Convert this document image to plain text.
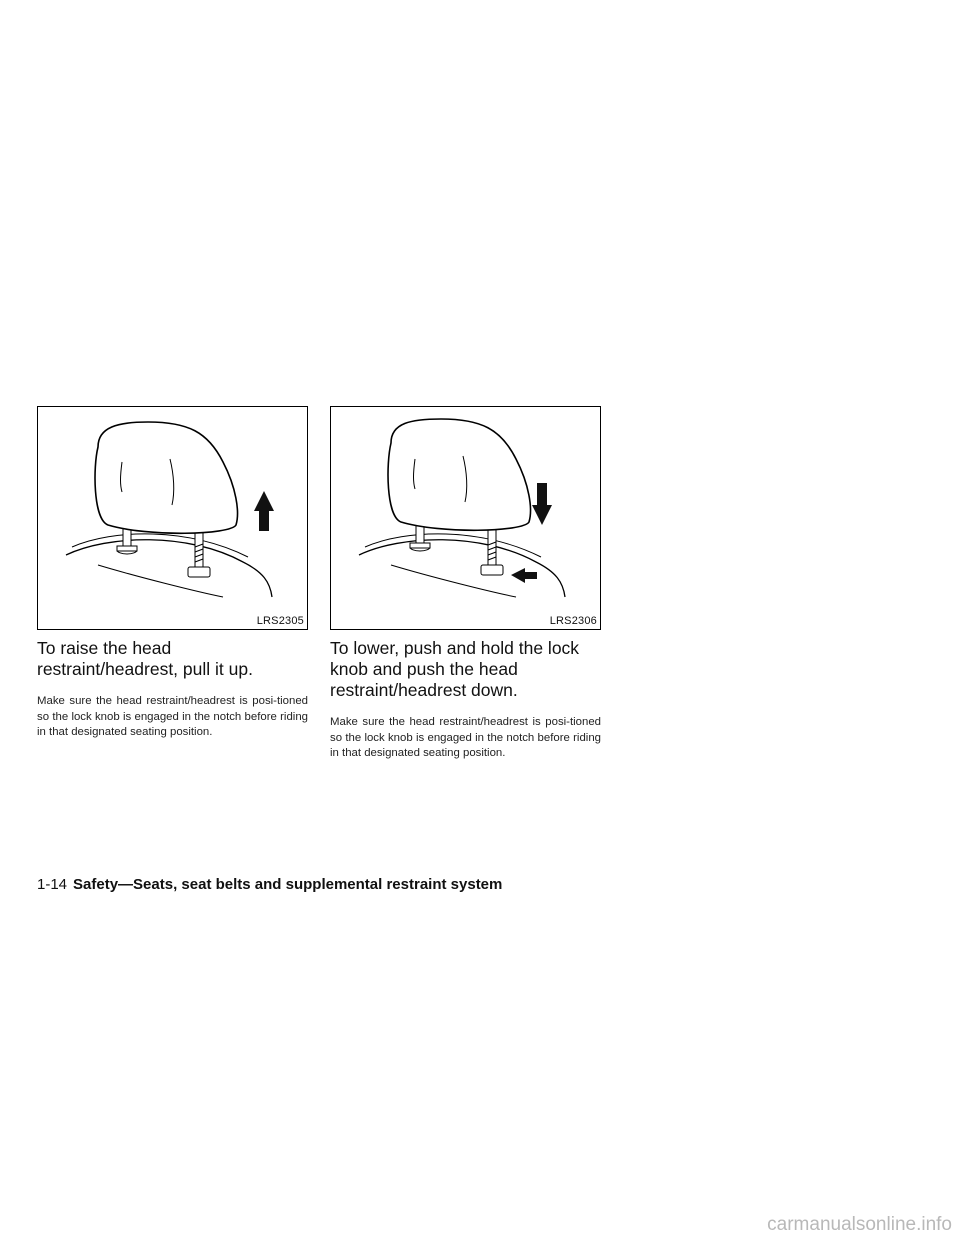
LRS2305
To raise the head restraint/headrest, pull it up.

Make sure the head restraint/headrest is posi-tioned so the lock knob is engaged in the notch before riding in that designated seating position.

LRS2306
To lower, push and hold the lock knob and push the head restraint/headrest down.

Make sure the head restraint/headrest is posi-tioned so the lock knob is engaged in the notch before riding in that designated seating position.

1-14 Safety—Seats, seat belts and supplemental restraint system
carmanualsonline.info
